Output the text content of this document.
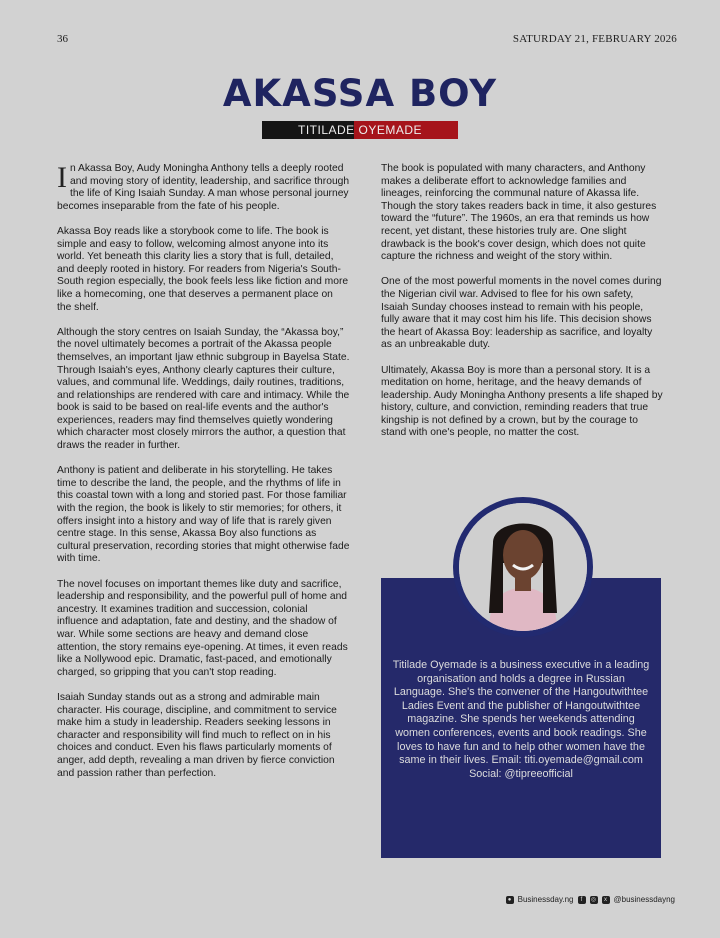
36	SATURDAY 21, FEBRUARY 2026
AKASSA BOY
TITILADE OYEMADE

In Akassa Boy, Audy Moningha Anthony tells a deeply rooted and moving story of identity, leadership, and sacrifice through the life of King Isaiah Sunday. A man whose personal journey becomes inseparable from the fate of his people.

Akassa Boy reads like a storybook come to life. The book is simple and easy to follow, welcoming almost anyone into its world. Yet beneath this clarity lies a story that is full, detailed, and deeply rooted in history. For readers from Nigeria's South-South region especially, the book feels less like fiction and more like a homecoming, one that deserves a permanent place on the shelf.

Although the story centres on Isaiah Sunday, the “Akassa boy,” the novel ultimately becomes a portrait of the Akassa people themselves, an important Ijaw ethnic subgroup in Bayelsa State. Through Isaiah's eyes, Anthony clearly captures their culture, values, and communal life. Weddings, daily routines, traditions, and relationships are rendered with care and intimacy. While the book is said to be based on real-life events and the author's experiences, readers may find themselves quietly wondering which character most closely mirrors the author, a question that draws the reader in further.

Anthony is patient and deliberate in his storytelling. He takes time to describe the land, the people, and the rhythms of life in this coastal town with a long and storied past. For those familiar with the region, the book is likely to stir memories; for others, it offers insight into a history and way of life that is rarely given centre stage. In this sense, Akassa Boy also functions as cultural preservation, recording stories that might otherwise fade with time.

The novel focuses on important themes like duty and sacrifice, leadership and responsibility, and the powerful pull of home and ancestry. It examines tradition and succession, colonial influence and adaptation, fate and destiny, and the shadow of war. While some sections are heavy and demand close attention, the story remains eye-opening. At times, it even reads like a Nollywood epic. Dramatic, fast-paced, and emotionally charged, so gripping that you can't stop reading.

Isaiah Sunday stands out as a strong and admirable main character. His courage, discipline, and commitment to service make him a study in leadership. Readers seeking lessons in character and responsibility will find much to reflect on in his choices and conduct. Even his flaws particularly moments of anger, add depth, revealing a man driven by fierce conviction and passion rather than perfection.

The book is populated with many characters, and Anthony makes a deliberate effort to acknowledge families and lineages, reinforcing the communal nature of Akassa life. Though the story takes readers back in time, it also gestures toward the “future”. The 1960s, an era that reminds us how recent, yet distant, these histories truly are. One slight drawback is the book's cover design, which does not quite capture the richness and weight of the story within.

One of the most powerful moments in the novel comes during the Nigerian civil war. Advised to flee for his own safety, Isaiah Sunday chooses instead to remain with his people, fully aware that it may cost him his life. This decision shows the heart of Akassa Boy: leadership as sacrifice, and loyalty as an unbreakable duty.

Ultimately, Akassa Boy is more than a personal story. It is a meditation on home, heritage, and the heavy demands of leadership. Audy Moningha Anthony presents a life shaped by history, culture, and conviction, reminding readers that true kingship is not defined by a crown, but by the courage to stand with one's people, no matter the cost.

Titilade Oyemade is a business executive in a leading organisation and holds a degree in Russian Language. She's the convener of the Hangoutwithtee Ladies Event and the publisher of Hangoutwithtee magazine. She spends her weekends attending women conferences, events and book readings. She loves to have fun and to help other women have the same in their lives. Email: titi.oyemade@gmail.com Social: @tipreeofficial
● Businessday.ng	f	◎	x @businessdayng
